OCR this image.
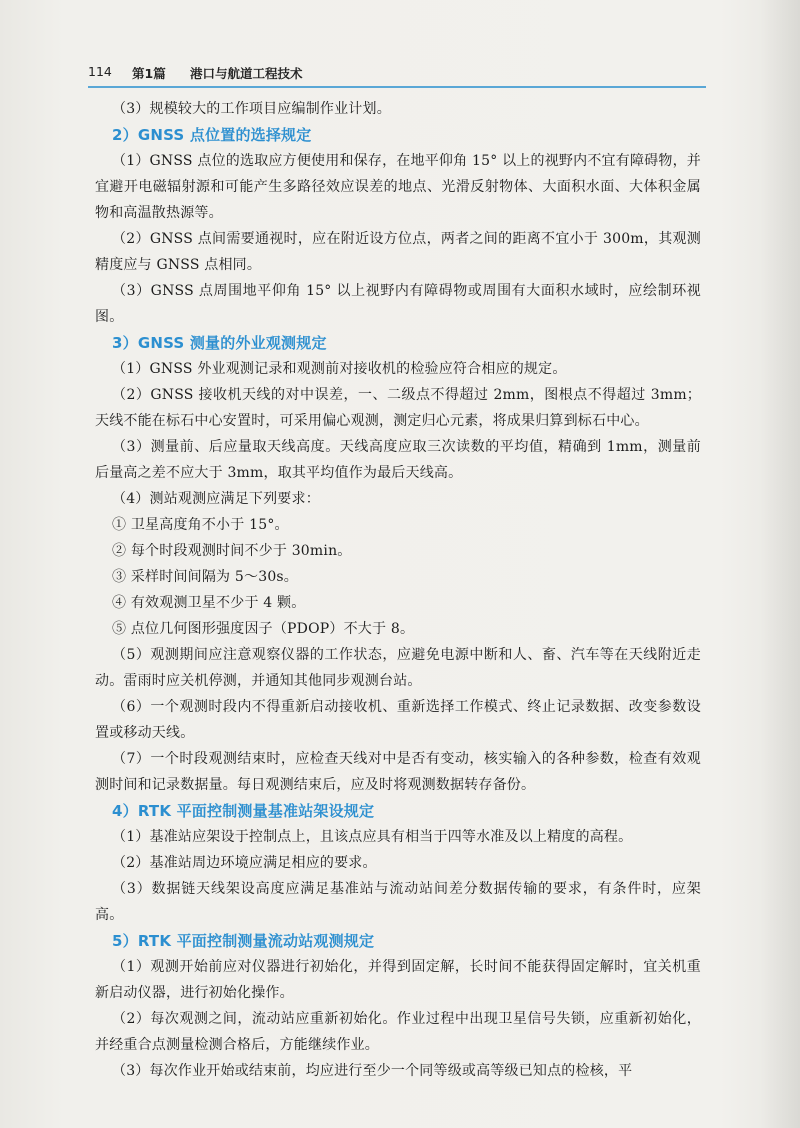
114 第1篇 港口与航道工程技术

（3）规模较大的工作项目应编制作业计划。

2）GNSS 点位置的选择规定

（1）GNSS 点位的选取应方便使用和保存，在地平仰角 15° 以上的视野内不宜有障碍物，并宜避开电磁辐射源和可能产生多路径效应误差的地点、光滑反射物体、大面积水面、大体积金属物和高温散热源等。

（2）GNSS 点间需要通视时，应在附近设方位点，两者之间的距离不宜小于 300m，其观测精度应与 GNSS 点相同。

（3）GNSS 点周围地平仰角 15° 以上视野内有障碍物或周围有大面积水域时，应绘制环视图。

3）GNSS 测量的外业观测规定

（1）GNSS 外业观测记录和观测前对接收机的检验应符合相应的规定。

（2）GNSS 接收机天线的对中误差，一、二级点不得超过 2mm，图根点不得超过 3mm；天线不能在标石中心安置时，可采用偏心观测，测定归心元素，将成果归算到标石中心。

（3）测量前、后应量取天线高度。天线高度应取三次读数的平均值，精确到 1mm，测量前后量高之差不应大于 3mm，取其平均值作为最后天线高。

（4）测站观测应满足下列要求：

① 卫星高度角不小于 15°。

② 每个时段观测时间不少于 30min。

③ 采样时间间隔为 5～30s。

④ 有效观测卫星不少于 4 颗。

⑤ 点位几何图形强度因子（PDOP）不大于 8。

（5）观测期间应注意观察仪器的工作状态，应避免电源中断和人、畜、汽车等在天线附近走动。雷雨时应关机停测，并通知其他同步观测台站。

（6）一个观测时段内不得重新启动接收机、重新选择工作模式、终止记录数据、改变参数设置或移动天线。

（7）一个时段观测结束时，应检查天线对中是否有变动，核实输入的各种参数，检查有效观测时间和记录数据量。每日观测结束后，应及时将观测数据转存备份。

4）RTK 平面控制测量基准站架设规定

（1）基准站应架设于控制点上，且该点应具有相当于四等水准及以上精度的高程。

（2）基准站周边环境应满足相应的要求。

（3）数据链天线架设高度应满足基准站与流动站间差分数据传输的要求，有条件时，应架高。

5）RTK 平面控制测量流动站观测规定

（1）观测开始前应对仪器进行初始化，并得到固定解，长时间不能获得固定解时，宜关机重新启动仪器，进行初始化操作。

（2）每次观测之间，流动站应重新初始化。作业过程中出现卫星信号失锁，应重新初始化，并经重合点测量检测合格后，方能继续作业。

（3）每次作业开始或结束前，均应进行至少一个同等级或高等级已知点的检核，平
